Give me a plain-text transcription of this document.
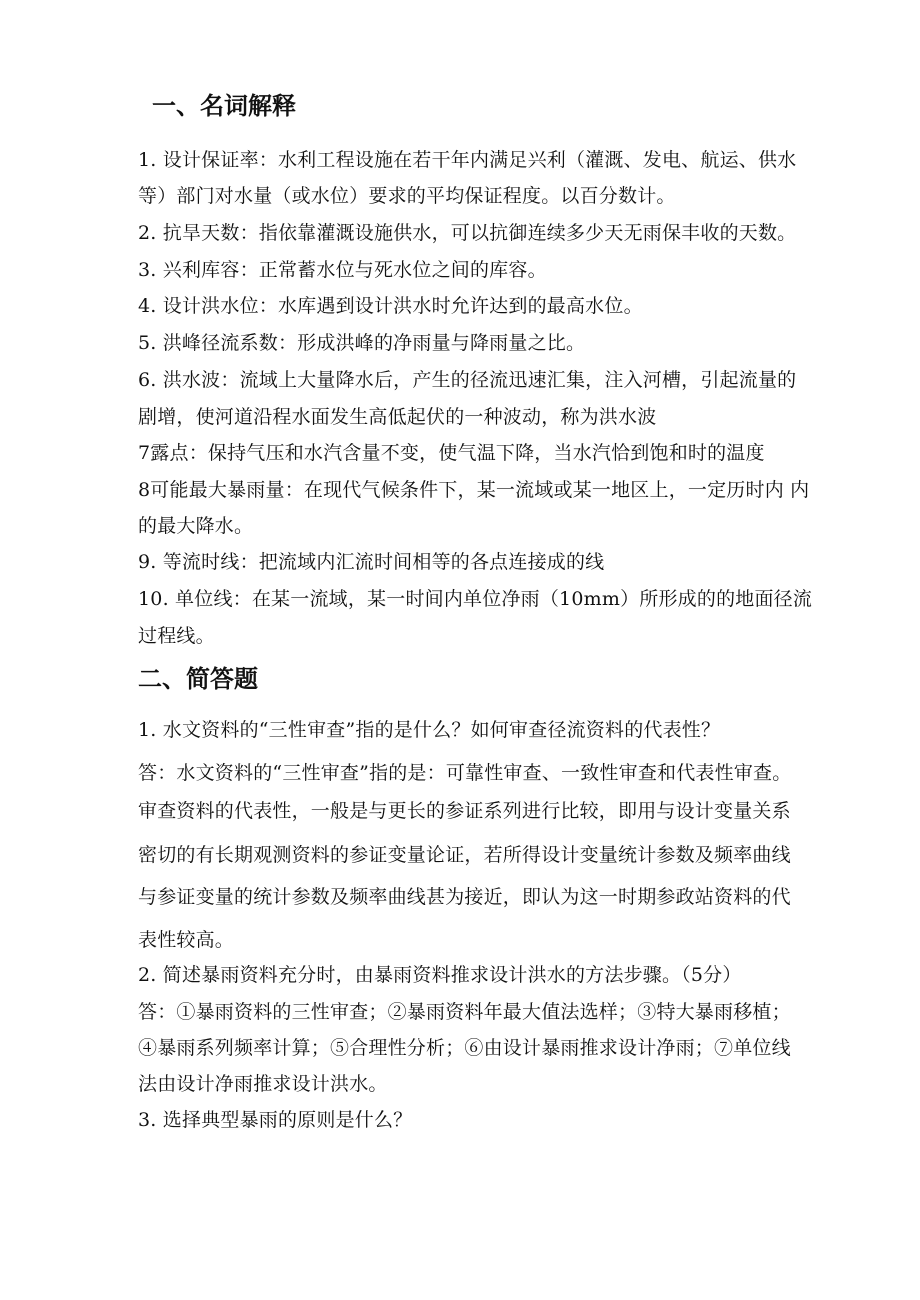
一、名词解释

1. 设计保证率：水利工程设施在若干年内满足兴利（灌溉、发电、航运、供水

等）部门对水量（或水位）要求的平均保证程度。以百分数计。

2. 抗旱天数：指依靠灌溉设施供水，可以抗御连续多少天无雨保丰收的天数。

3. 兴利库容：正常蓄水位与死水位之间的库容。

4. 设计洪水位：水库遇到设计洪水时允许达到的最高水位。

5. 洪峰径流系数：形成洪峰的净雨量与降雨量之比。

6. 洪水波：流域上大量降水后，产生的径流迅速汇集，注入河槽，引起流量的

剧增，使河道沿程水面发生高低起伏的一种波动，称为洪水波

7露点：保持气压和水汽含量不变，使气温下降，当水汽恰到饱和时的温度

8可能最大暴雨量：在现代气候条件下，某一流域或某一地区上，一定历时内 内

的最大降水。

9. 等流时线：把流域内汇流时间相等的各点连接成的线

10. 单位线：在某一流域，某一时间内单位净雨（10mm）所形成的的地面径流

过程线。

二、简答题

1. 水文资料的“三性审查”指的是什么？如何审查径流资料的代表性？

答：水文资料的“三性审查”指的是：可靠性审查、一致性审查和代表性审查。

审查资料的代表性，一般是与更长的参证系列进行比较，即用与设计变量关系

密切的有长期观测资料的参证变量论证，若所得设计变量统计参数及频率曲线

与参证变量的统计参数及频率曲线甚为接近，即认为这一时期参政站资料的代

表性较高。

2. 简述暴雨资料充分时，由暴雨资料推求设计洪水的方法步骤。（5分）

答：①暴雨资料的三性审查；②暴雨资料年最大值法选样；③特大暴雨移植；

④暴雨系列频率计算；⑤合理性分析；⑥由设计暴雨推求设计净雨；⑦单位线

法由设计净雨推求设计洪水。

3. 选择典型暴雨的原则是什么？
